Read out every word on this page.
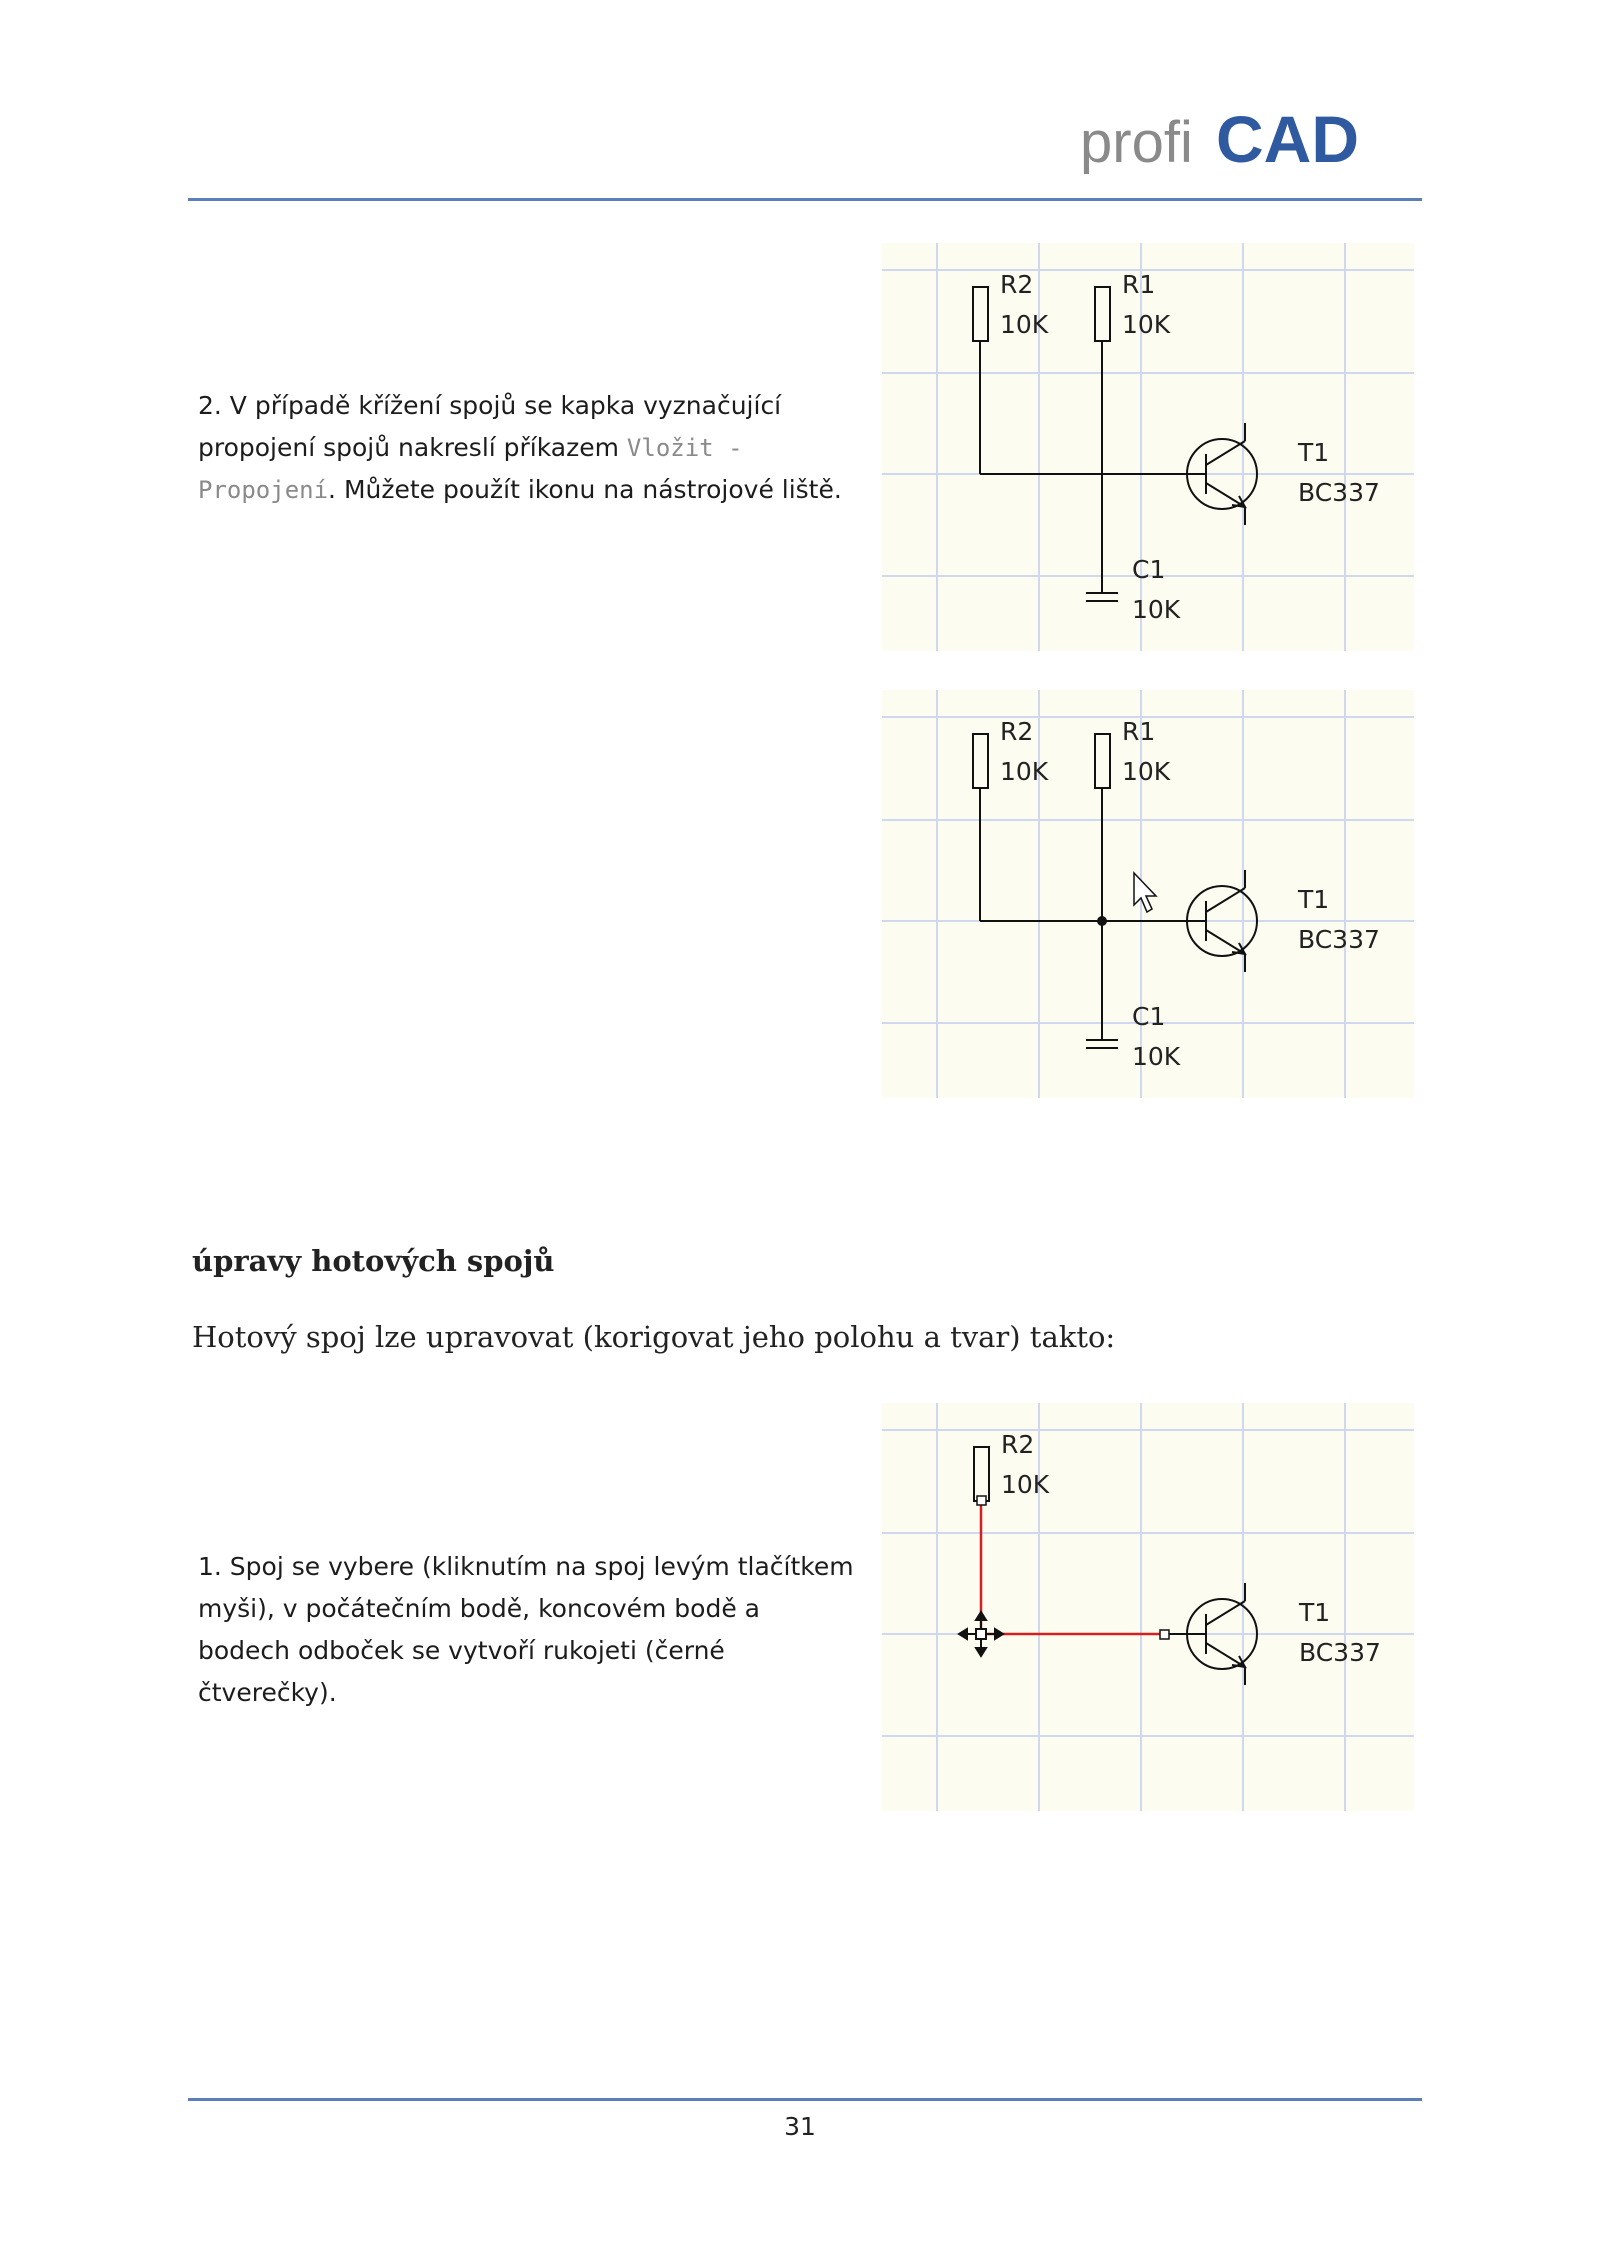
profi CAD

2. V případě křížení spojů se kapka vyznačující propojení spojů nakreslí příkazem Vložit - Propojení. Můžete použít ikonu na nástrojové liště.

R2
10K
R1
10K
C1
10K
T1
BC337
R2
10K
R1
10K
C1
10K
T1
BC337
úpravy hotových spojů

Hotový spoj lze upravovat (korigovat jeho polohu a tvar) takto:

1. Spoj se vybere (kliknutím na spoj levým tlačítkem myši), v počátečním bodě, koncovém bodě a bodech odboček se vytvoří rukojeti (černé čtverečky).

R2
10K
T1
BC337
31
